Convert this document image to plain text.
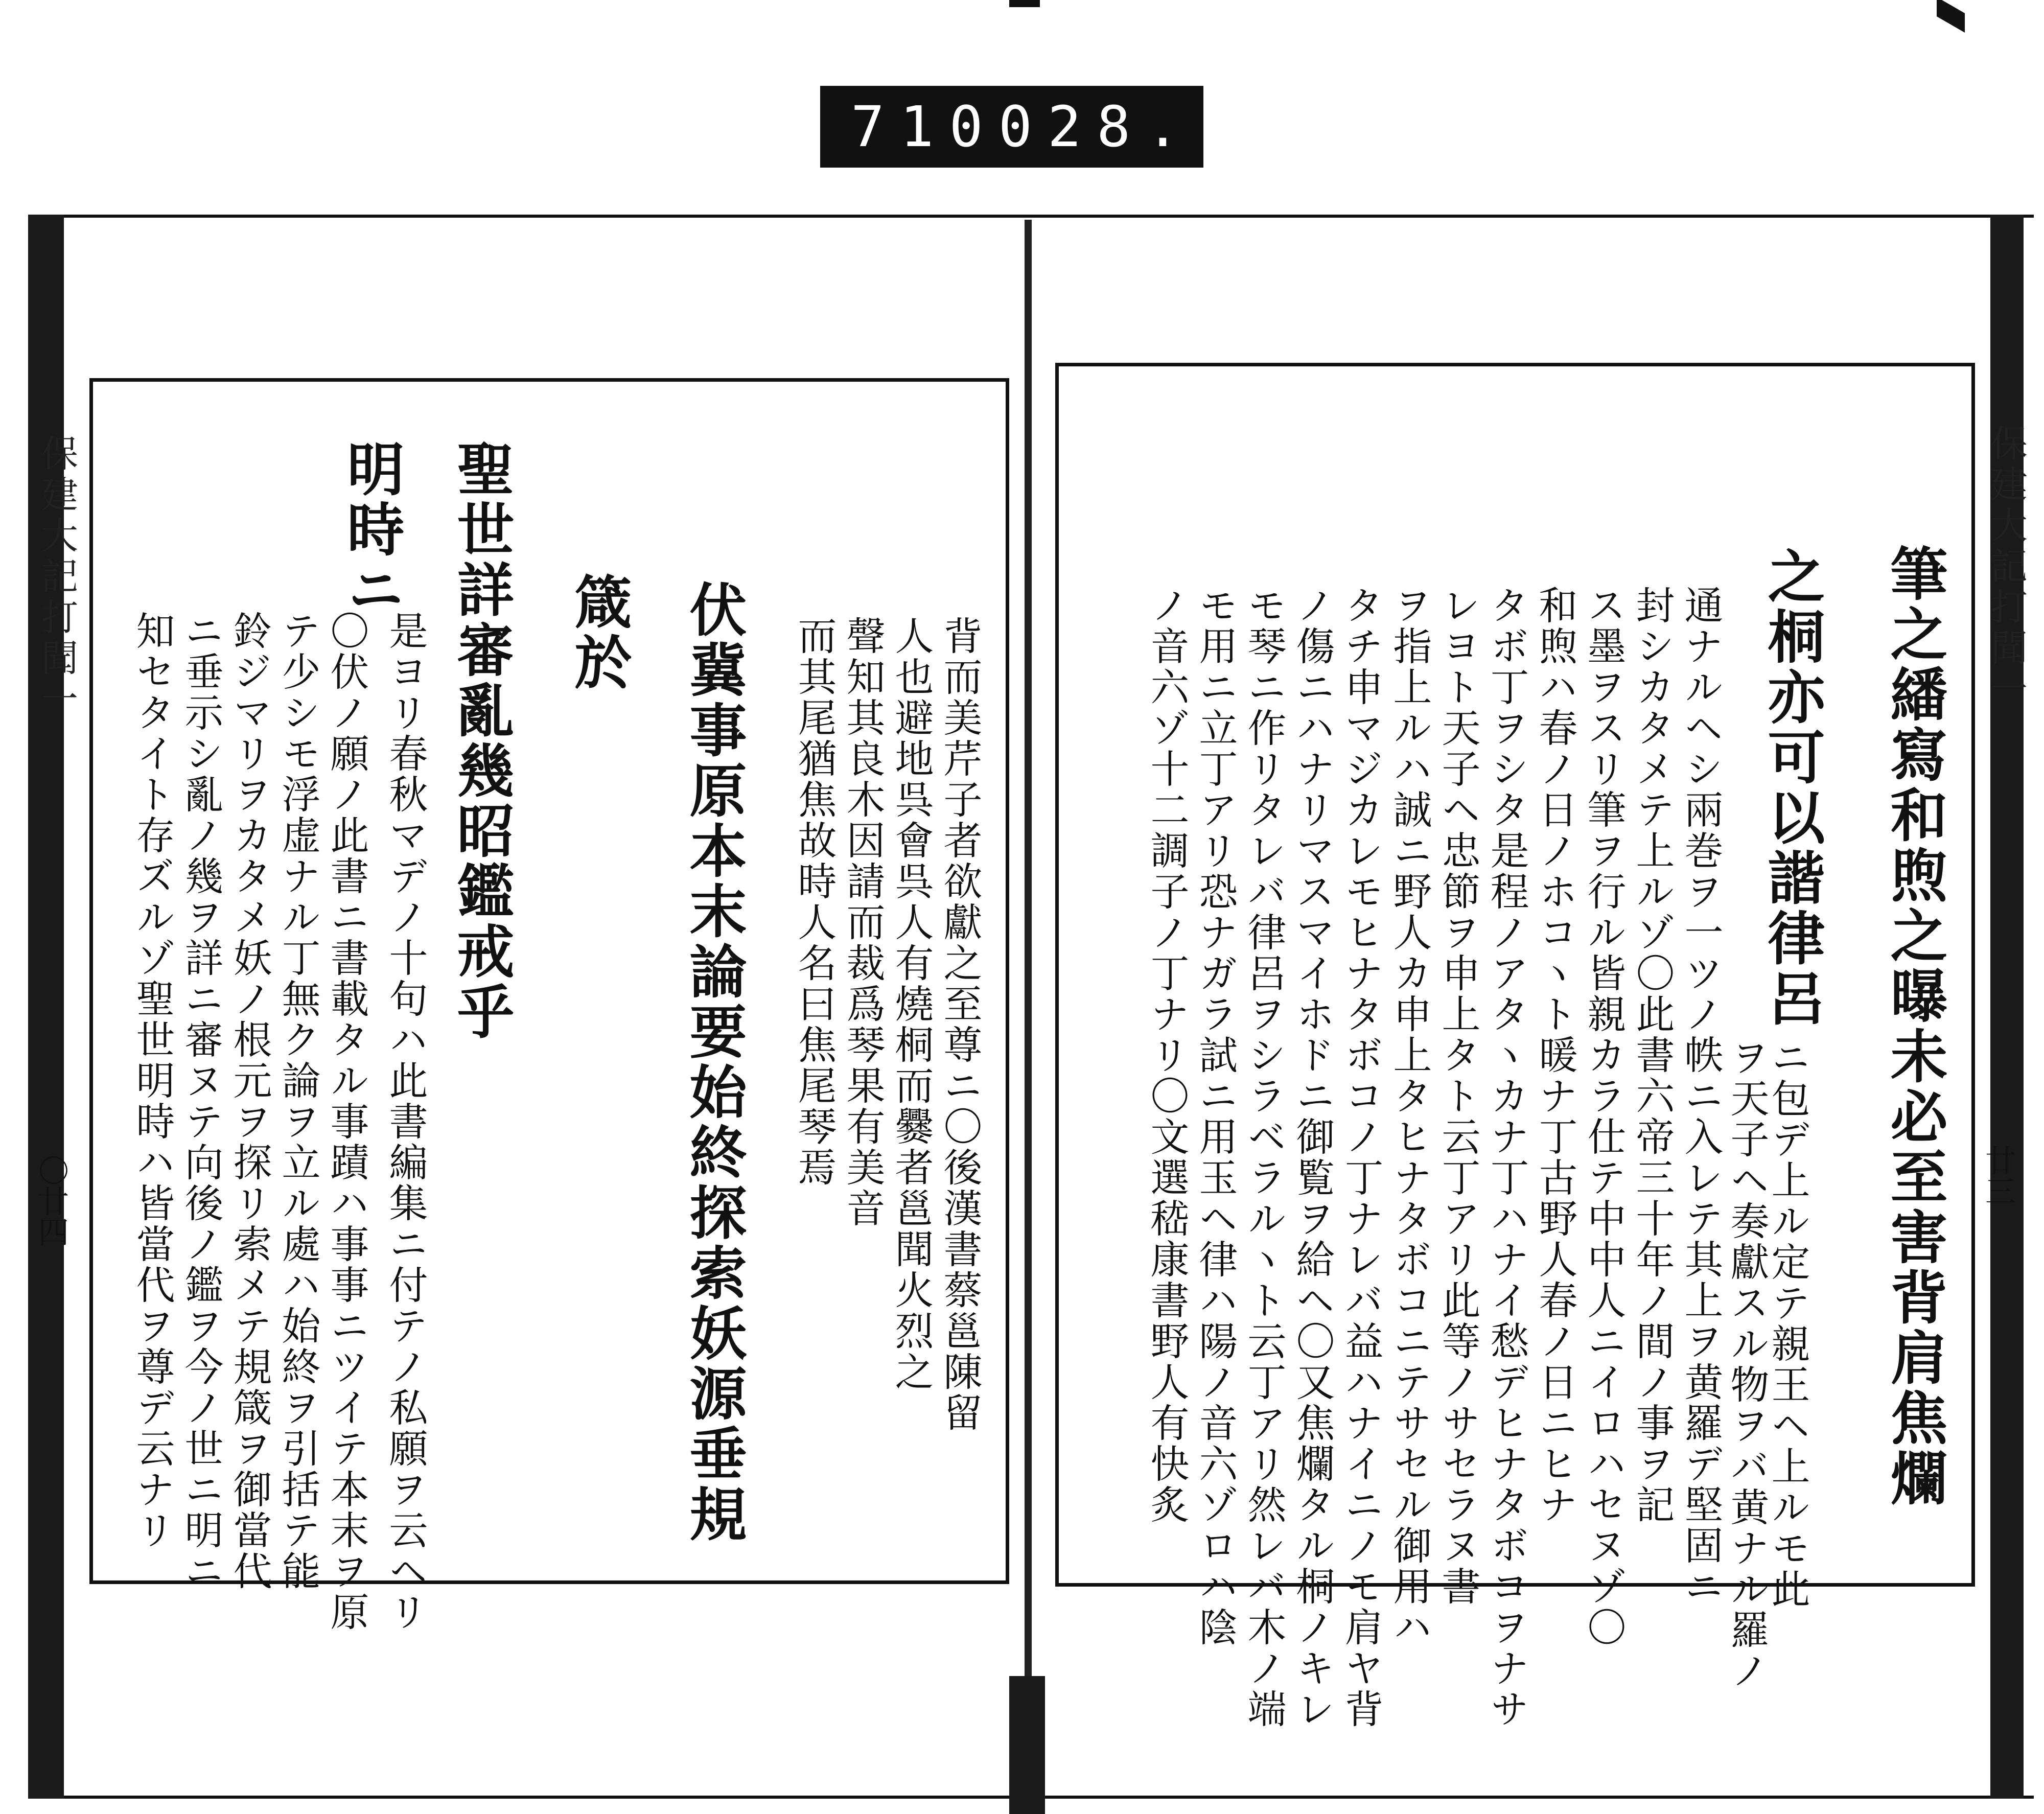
710 028.
保建大記打聞一
廿三
筆之繙寫和煦之曝未必至害背肩焦爛
之桐亦可以諧律呂
ヲ天子ヘ奏獻スル物ヲバ黄ナル羅ノ
ニ包デ上ル定テ親王ヘ上ルモ此
通ナルヘシ兩巻ヲ一ツノ帙ニ入レテ其上ヲ黄羅デ堅固ニ
封シカタメテ上ルゾ〇此書六帝三十年ノ間ノ事ヲ記
ス墨ヲスリ筆ヲ行ル皆親カラ仕テ中中人ニイロハセヌゾ〇
和煦ハ春ノ日ノホコヽト暖ナ丁古野人春ノ日ニヒナ
タボ丁ヲシタ是程ノアタヽカナ丁ハナイ愁デヒナタボコヲナサ
レヨト天子ヘ忠節ヲ申上タト云丁アリ此等ノサセラヌ書
ヲ指上ルハ誠ニ野人カ申上タヒナタボコニテサセル御用ハ
タチ申マジカレモヒナタボコノ丁ナレバ益ハナイニノモ肩ヤ背
ノ傷ニハナリマスマイホドニ御覧ヲ給ヘ〇又焦爛タル桐ノキレ
モ琴ニ作リタレバ律呂ヲシラベラルヽト云丁アリ然レバ木ノ端
モ用ニ立丁アリ恐ナガラ試ニ用玉ヘ律ハ陽ノ音六ゾロハ陰
ノ音六ゾ十二調子ノ丁ナリ〇文選嵇康書野人有快炙
保建大記打聞一
〇廿四	背而美芹子者欲獻之至尊ニ〇後漢書蔡邕陳留
人也避地呉會呉人有燒桐而爨者邕聞火烈之
聲知其良木因請而裁爲琴果有美音
而其尾猶焦故時人名曰焦尾琴焉
伏冀事原本末論要始終探索妖源垂規
箴於
聖世詳審亂幾昭鑑戒乎
明時ニ
是ヨリ春秋マデノ十句ハ此書編集ニ付テノ私願ヲ云ヘリ
〇伏ノ願ノ此書ニ書載タル事蹟ハ事事ニツイテ本末ヲ原
テ少シモ浮虚ナル丁無ク論ヲ立ル處ハ始終ヲ引括テ能
鈴ジマリヲカタメ妖ノ根元ヲ探リ索メテ規箴ヲ御當代
ニ垂示シ亂ノ幾ヲ詳ニ審ヌテ向後ノ鑑ヲ今ノ世ニ明ニ
知セタイト存ズルゾ聖世明時ハ皆當代ヲ尊デ云ナリ
